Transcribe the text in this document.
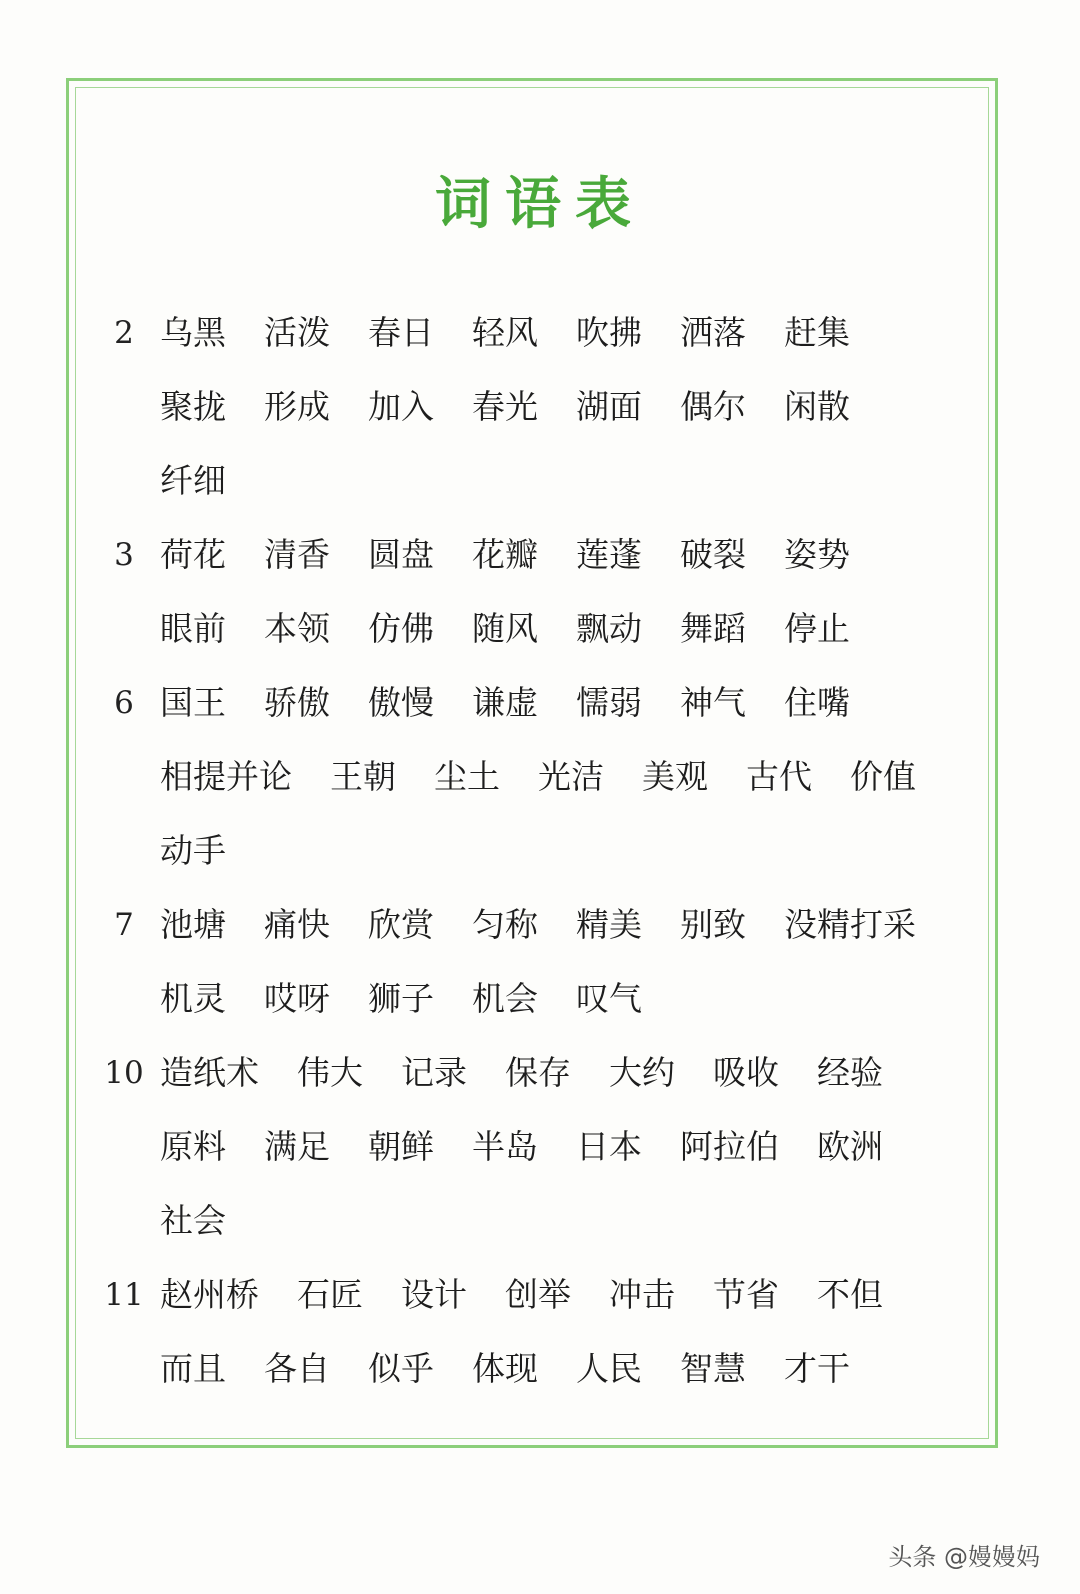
词语表
2 乌黑 活泼 春日 轻风 吹拂 洒落 赶集
聚拢 形成 加入 春光 湖面 偶尔 闲散
纤细
3 荷花 清香 圆盘 花瓣 莲蓬 破裂 姿势
眼前 本领 仿佛 随风 飘动 舞蹈 停止
6 国王 骄傲 傲慢 谦虚 懦弱 神气 住嘴
相提并论 王朝 尘土 光洁 美观 古代 价值
动手
7 池塘 痛快 欣赏 匀称 精美 别致 没精打采
机灵 哎呀 狮子 机会 叹气
10 造纸术 伟大 记录 保存 大约 吸收 经验
原料 满足 朝鲜 半岛 日本 阿拉伯 欧洲
社会
11 赵州桥 石匠 设计 创举 冲击 节省 不但
而且 各自 似乎 体现 人民 智慧 才干
头条 @嫚嫚妈
